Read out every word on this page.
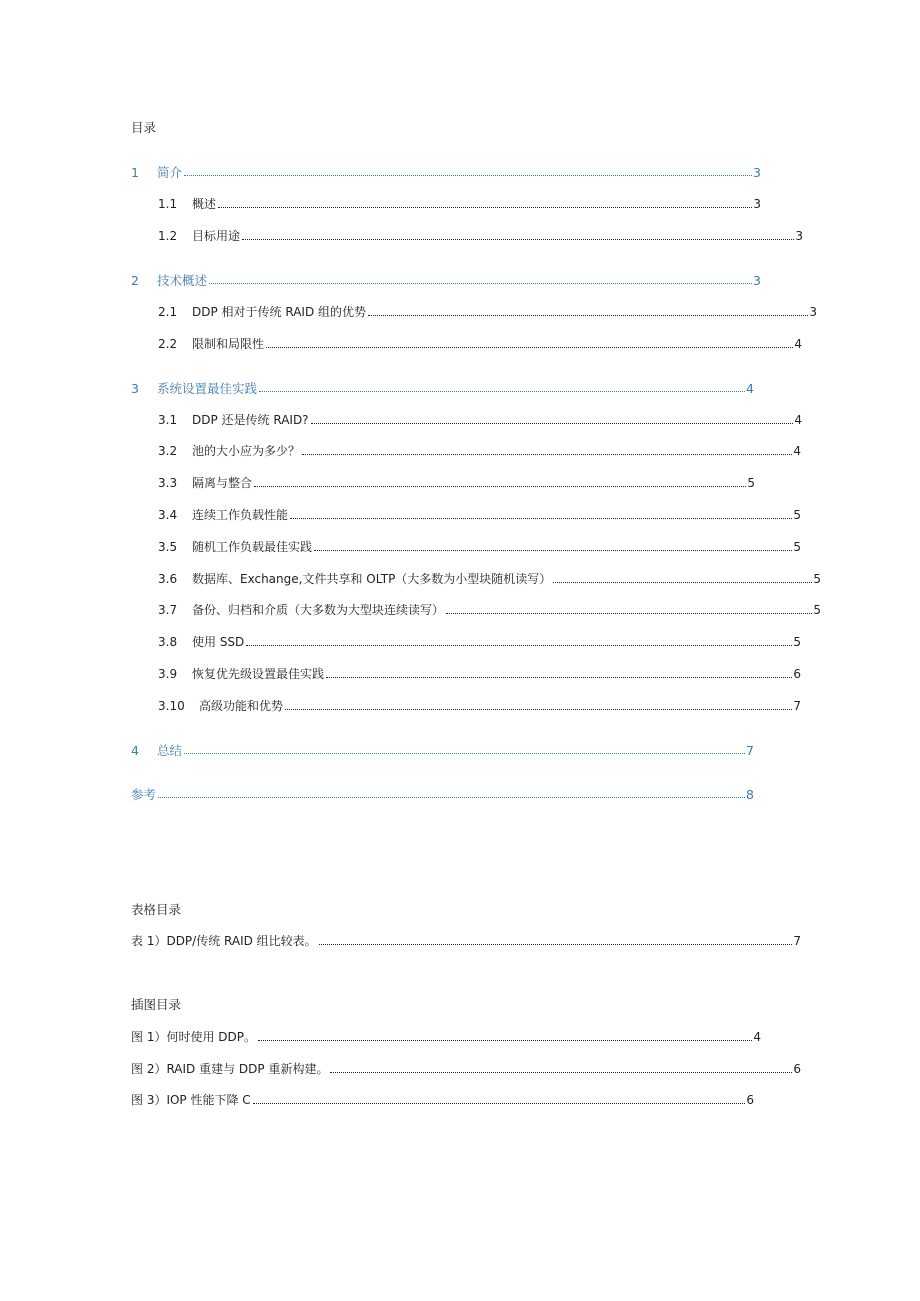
目录
1	简介	3
1.1	概述	3
1.2	目标用途	3
2	技术概述	3
2.1	DDP 相对于传统 RAID 组的优势	3
2.2	限制和局限性	4
3	系统设置最佳实践	4
3.1	DDP 还是传统 RAID?	4
3.2	池的大小应为多少？	4
3.3	隔离与整合	5
3.4	连续工作负载性能	5
3.5	随机工作负载最佳实践	5
3.6	数据库、Exchange,文件共享和 OLTP（大多数为小型块随机读写）	5
3.7	备份、归档和介质（大多数为大型块连续读写）	5
3.8	使用 SSD	5
3.9	恢复优先级设置最佳实践	6
3.10	高级功能和优势	7
4	总结	7
参考	8
表格目录
表 1）DDP/传统 RAID 组比较表。	7
插图目录
图 1）何时使用 DDP。	4
图 2）RAID 重建与 DDP 重新构建。	6
图 3）IOP 性能下降 C	6
